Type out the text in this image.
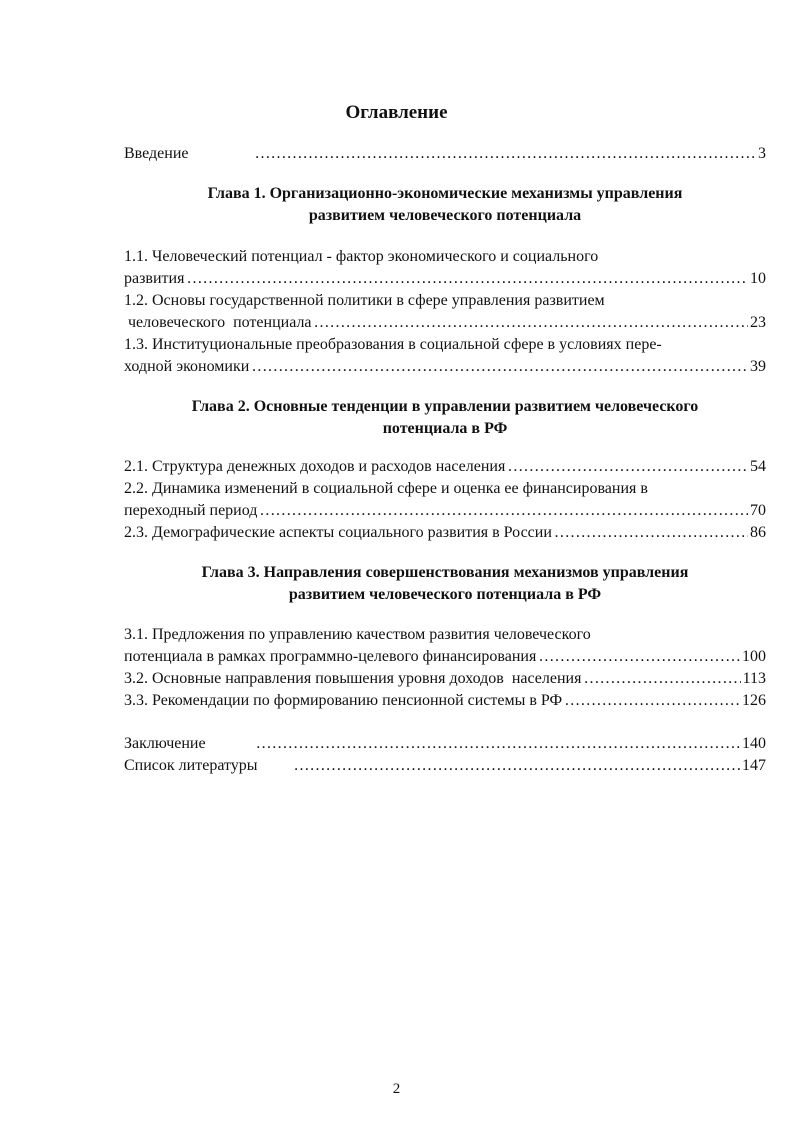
Оглавление
Введение …………………………………………………………………………………………………………………………………………………………………………………………………………	3
Глава 1. Организационно-экономические механизмы управления
развитием человеческого потенциала
1.1. Человеческий потенциал - фактор экономического и социального
развития …………………………………………………………………………………………………………………………………………………………………………………………………………	10
1.2. Основы государственной политики в сфере управления развитием
человеческого  потенциала …………………………………………………………………………………………………………………………………………………………………………………………………………	23
1.3. Институциональные преобразования в социальной сфере в условиях пере-
ходной экономики …………………………………………………………………………………………………………………………………………………………………………………………………………	39
Глава 2. Основные тенденции в управлении развитием человеческого
потенциала в РФ
2.1. Структура денежных доходов и расходов населения …………………………………………………………………………………………………………………………………………………………………………………………………………	54
2.2. Динамика изменений в социальной сфере и оценка ее финансирования в
переходный период …………………………………………………………………………………………………………………………………………………………………………………………………………	70
2.3. Демографические аспекты социального развития в России …………………………………………………………………………………………………………………………………………………………………………………………………………	86
Глава 3. Направления совершенствования механизмов управления
развитием человеческого потенциала в РФ
3.1. Предложения по управлению качеством развития человеческого
потенциала в рамках программно-целевого финансирования …………………………………………………………………………………………………………………………………………………………………………………………………………	100
3.2. Основные направления повышения уровня доходов  населения …………………………………………………………………………………………………………………………………………………………………………………………………………	113
3.3. Рекомендации по формированию пенсионной системы в РФ …………………………………………………………………………………………………………………………………………………………………………………………………………	126
Заключение …………………………………………………………………………………………………………………………………………………………………………………………………………	140
Список литературы …………………………………………………………………………………………………………………………………………………………………………………………………………	147
2
